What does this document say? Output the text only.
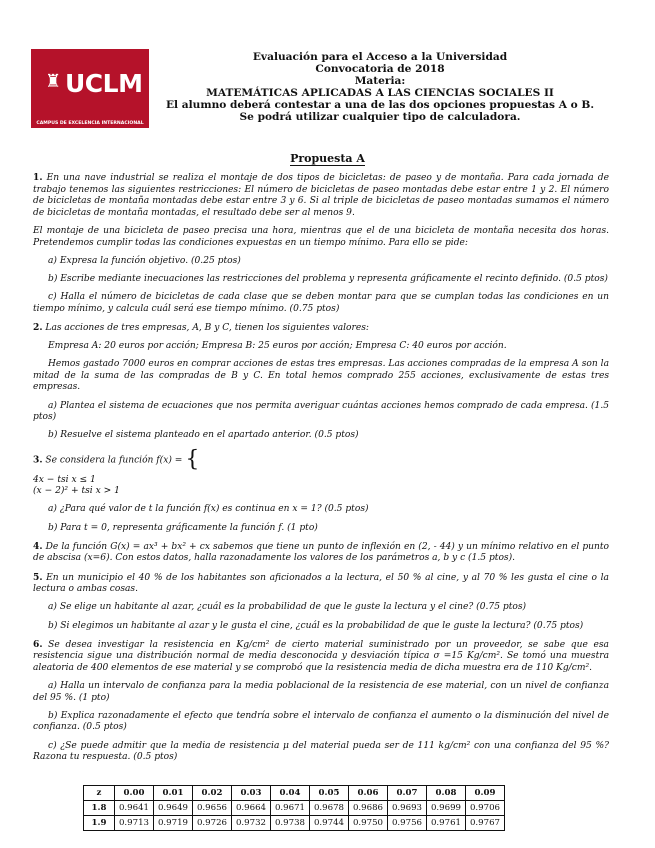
♜ UCLM
CAMPUS DE EXCELENCIA INTERNACIONAL
Evaluación para el Acceso a la Universidad
Convocatoria de 2018
Materia:
MATEMÁTICAS APLICADAS A LAS CIENCIAS SOCIALES II
El alumno deberá contestar a una de las dos opciones propuestas A o B.
Se podrá utilizar cualquier tipo de calculadora.
Propuesta A

1. En una nave industrial se realiza el montaje de dos tipos de bicicletas: de paseo y de montaña. Para cada jornada de trabajo tenemos las siguientes restricciones: El número de bicicletas de paseo montadas debe estar entre 1 y 2. El número de bicicletas de montaña montadas debe estar entre 3 y 6. Si al triple de bicicletas de paseo montadas sumamos el número de bicicletas de montaña montadas, el resultado debe ser al menos 9.

El montaje de una bicicleta de paseo precisa una hora, mientras que el de una bicicleta de montaña necesita dos horas. Pretendemos cumplir todas las condiciones expuestas en un tiempo mínimo. Para ello se pide:

a) Expresa la función objetivo. (0.25 ptos)

b) Escribe mediante inecuaciones las restricciones del problema y representa gráficamente el recinto definido. (0.5 ptos)

c) Halla el número de bicicletas de cada clase que se deben montar para que se cumplan todas las condiciones en un tiempo mínimo, y calcula cuál será ese tiempo mínimo. (0.75 ptos)

2. Las acciones de tres empresas, A, B y C, tienen los siguientes valores:

Empresa A: 20 euros por acción; Empresa B: 25 euros por acción; Empresa C: 40 euros por acción.

Hemos gastado 7000 euros en comprar acciones de estas tres empresas. Las acciones compradas de la empresa A son la mitad de la suma de las compradas de B y C. En total hemos comprado 255 acciones, exclusivamente de estas tres empresas.

a) Plantea el sistema de ecuaciones que nos permita averiguar cuántas acciones hemos comprado de cada empresa. (1.5 ptos)

b) Resuelve el sistema planteado en el apartado anterior. (0.5 ptos)

3. Se considera la función f(x) = {

4x − tsi x ≤ 1
(x − 2)² + tsi x > 1

a) ¿Para qué valor de t la función f(x) es continua en x = 1? (0.5 ptos)

b) Para t = 0, representa gráficamente la función f. (1 pto)

4. De la función G(x) = ax³ + bx² + cx sabemos que tiene un punto de inflexión en (2, - 44) y un mínimo relativo en el punto de abscisa (x=6). Con estos datos, halla razonadamente los valores de los parámetros a, b y c (1.5 ptos).

5. En un municipio el 40 % de los habitantes son aficionados a la lectura, el 50 % al cine, y al 70 % les gusta el cine o la lectura o ambas cosas.

a) Se elige un habitante al azar, ¿cuál es la probabilidad de que le guste la lectura y el cine? (0.75 ptos)

b) Si elegimos un habitante al azar y le gusta el cine, ¿cuál es la probabilidad de que le guste la lectura? (0.75 ptos)

6. Se desea investigar la resistencia en Kg/cm² de cierto material suministrado por un proveedor, se sabe que esa resistencia sigue una distribución normal de media desconocida y desviación típica σ =15 Kg/cm². Se tomó una muestra aleatoria de 400 elementos de ese material y se comprobó que la resistencia media de dicha muestra era de 110 Kg/cm².

a) Halla un intervalo de confianza para la media poblacional de la resistencia de ese material, con un nivel de confianza del 95 %. (1 pto)

b) Explica razonadamente el efecto que tendría sobre el intervalo de confianza el aumento o la disminución del nivel de confianza. (0.5 ptos)

c) ¿Se puede admitir que la media de resistencia μ del material pueda ser de 111 kg/cm² con una confianza del 95 %? Razona tu respuesta. (0.5 ptos)

z	0.00	0.01	0.02	0.03	0.04	0.05	0.06	0.07	0.08	0.09
1.8	0.9641	0.9649	0.9656	0.9664	0.9671	0.9678	0.9686	0.9693	0.9699	0.9706
1.9	0.9713	0.9719	0.9726	0.9732	0.9738	0.9744	0.9750	0.9756	0.9761	0.9767
